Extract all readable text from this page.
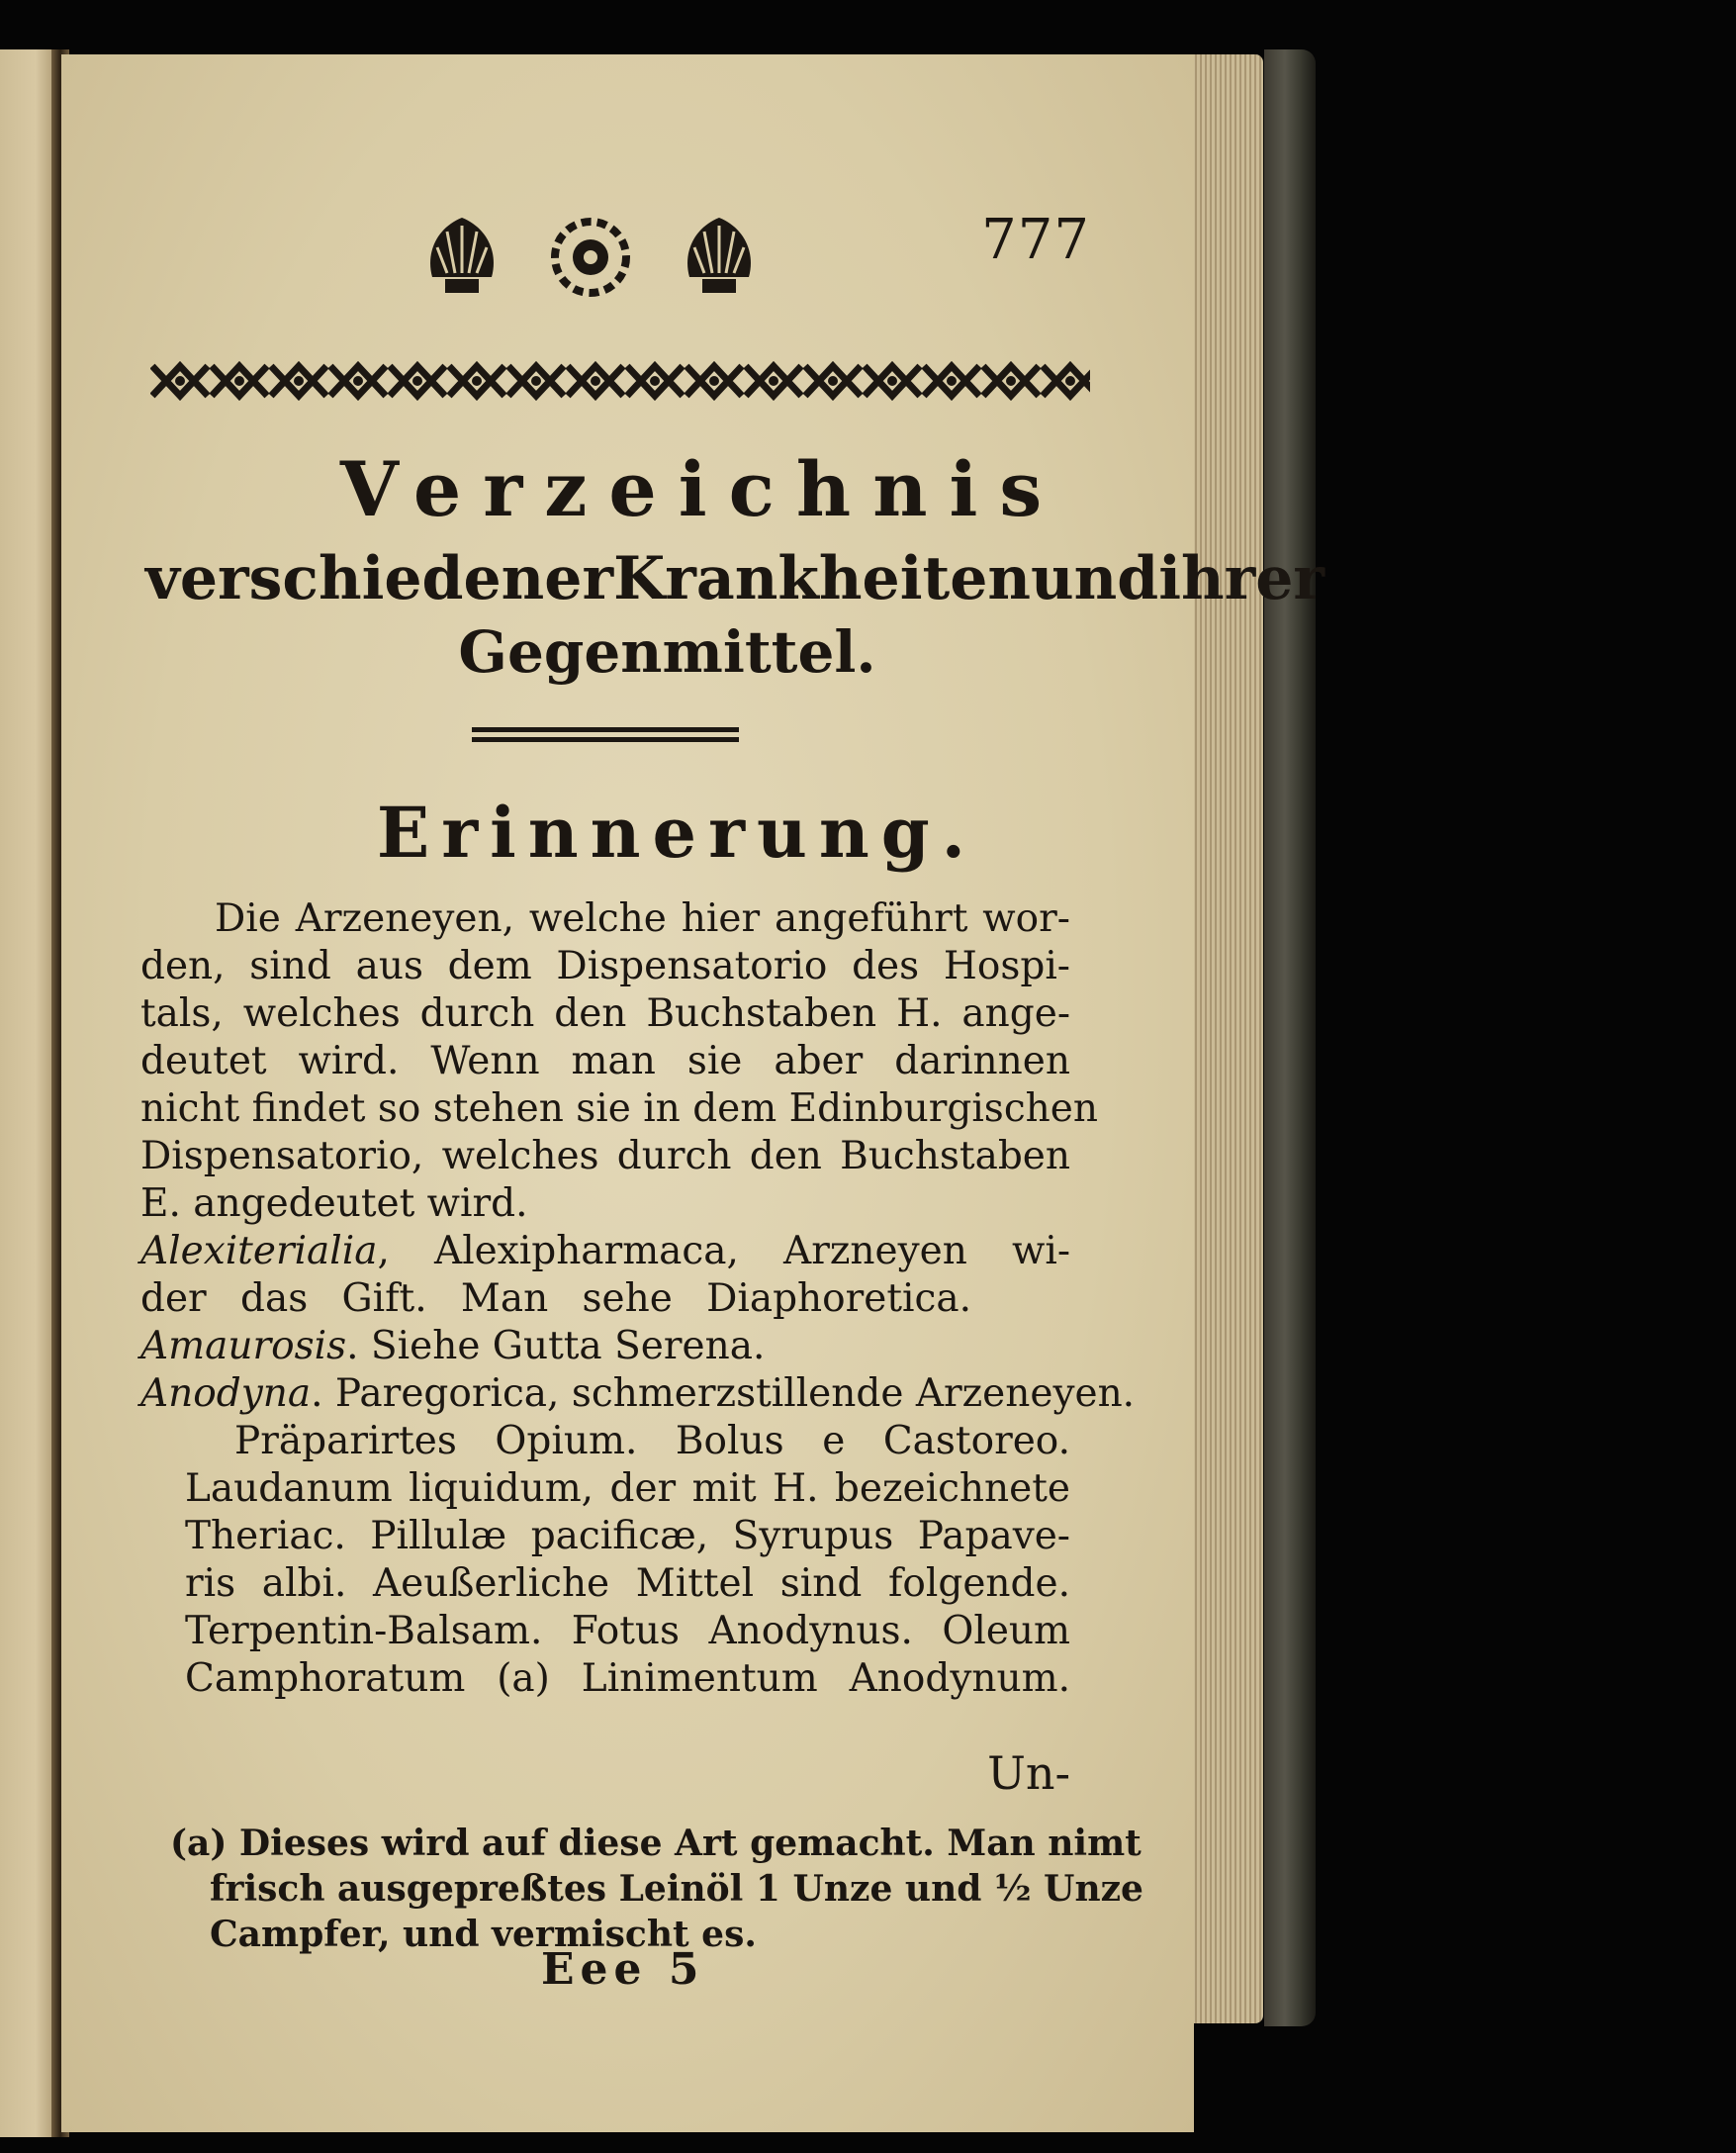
777
Verzeichnis
verschiedener Krankheiten und ihrer
Gegenmittel.
Erinnerung.
Die Arzeneyen, welche hier angeführt wor-
den, sind aus dem Dispensatorio des Hospi-
tals, welches durch den Buchstaben H. ange-
deutet wird. Wenn man sie aber darinnen
nicht findet so stehen sie in dem Edinburgischen
Dispensatorio, welches durch den Buchstaben
E. angedeutet wird.
Alexiterialia, Alexipharmaca, Arzneyen wi-
der das Gift. Man sehe Diaphoretica.
Amaurosis. Siehe Gutta Serena.
Anodyna. Paregorica, schmerzstillende Arzeneyen.
Präparirtes Opium. Bolus e Castoreo.
Laudanum liquidum, der mit H. bezeichnete
Theriac. Pillulæ pacificæ, Syrupus Papave-
ris albi. Aeußerliche Mittel sind folgende.
Terpentin-Balsam. Fotus Anodynus. Oleum
Camphoratum (a) Linimentum Anodynum.
Un-
(a) Dieses wird auf diese Art gemacht. Man nimt
frisch ausgepreßtes Leinöl 1 Unze und ½ Unze
Campfer, und vermischt es.
Eee 5
